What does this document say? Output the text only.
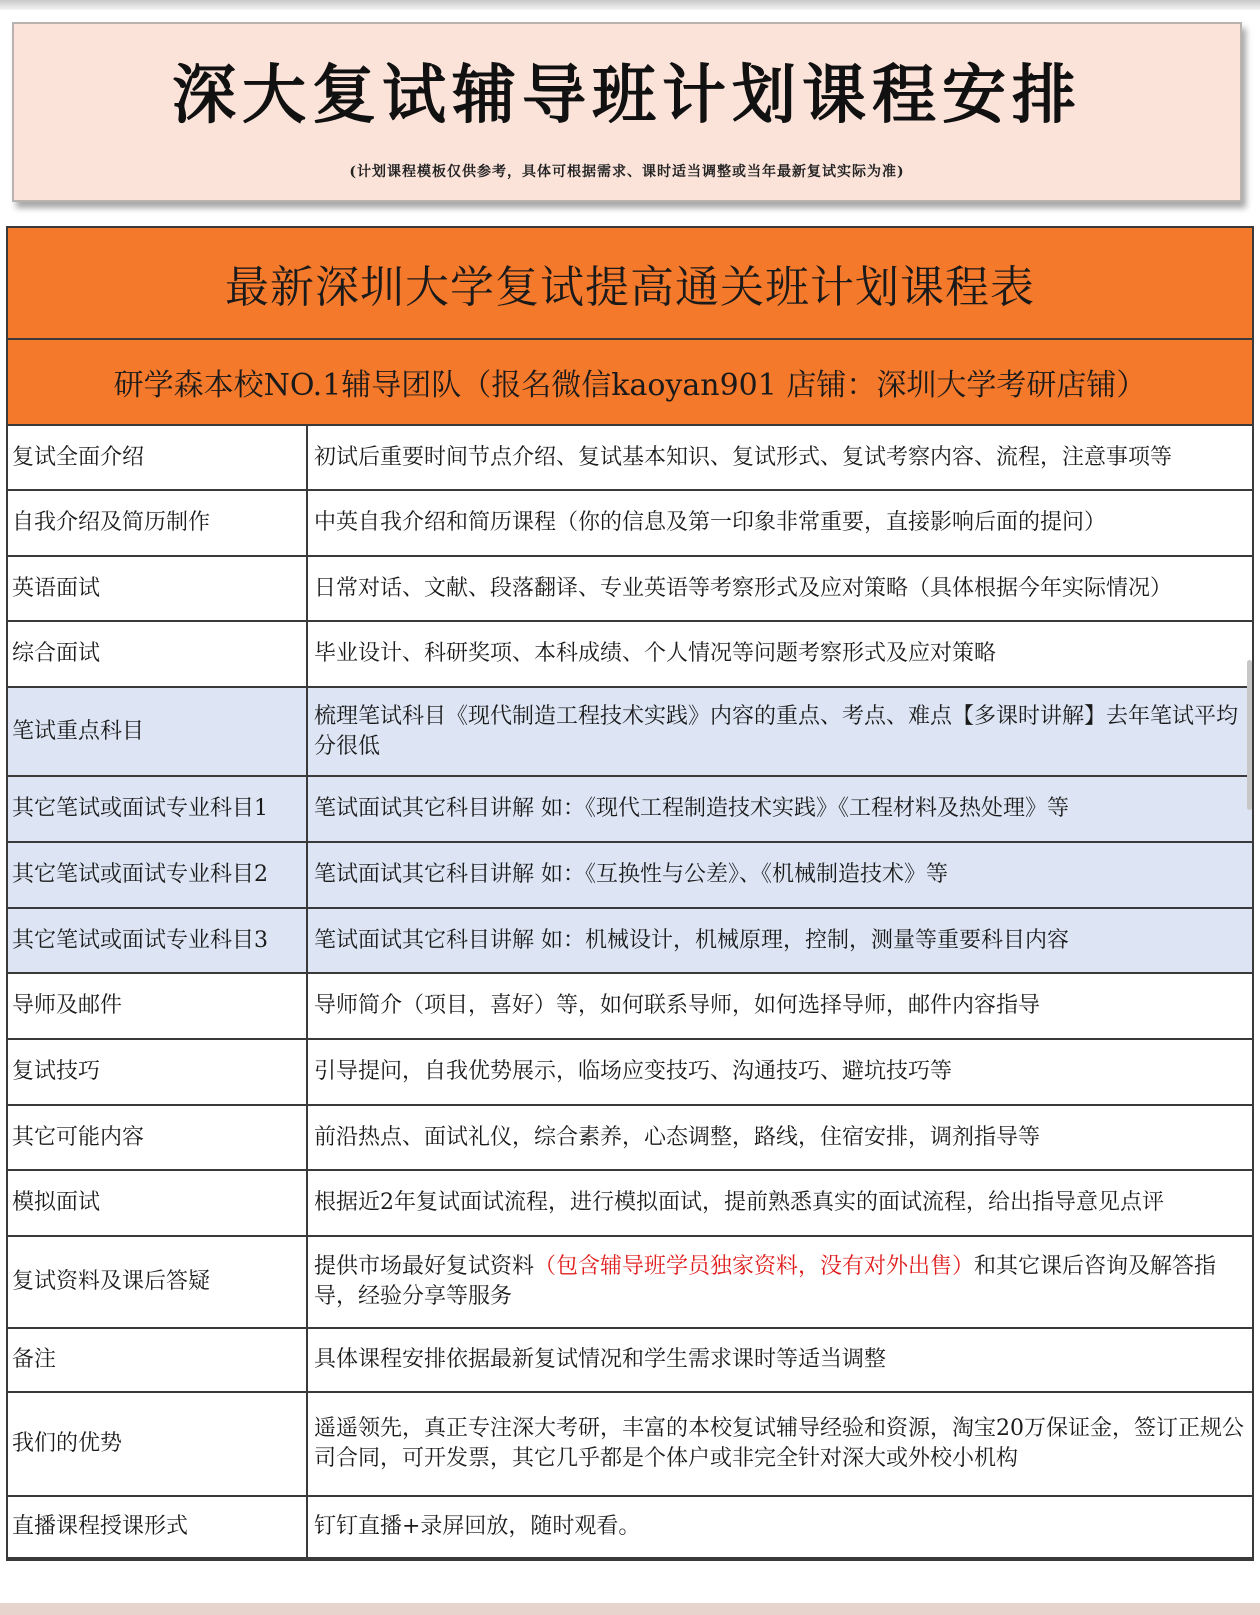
深大复试辅导班计划课程安排
(计划课程模板仅供参考，具体可根据需求、课时适当调整或当年最新复试实际为准)
最新深圳大学复试提高通关班计划课程表
研学森本校NO.1辅导团队（报名微信kaoyan901 店铺：深圳大学考研店铺）
复试全面介绍	初试后重要时间节点介绍、复试基本知识、复试形式、复试考察内容、流程，注意事项等
自我介绍及简历制作	中英自我介绍和简历课程（你的信息及第一印象非常重要，直接影响后面的提问）
英语面试	日常对话、文献、段落翻译、专业英语等考察形式及应对策略（具体根据今年实际情况）
综合面试	毕业设计、科研奖项、本科成绩、个人情况等问题考察形式及应对策略
笔试重点科目	梳理笔试科目《现代制造工程技术实践》内容的重点、考点、难点【多课时讲解】去年笔试平均分很低
其它笔试或面试专业科目1	笔试面试其它科目讲解 如：《现代工程制造技术实践》《工程材料及热处理》等
其它笔试或面试专业科目2	笔试面试其它科目讲解 如：《互换性与公差》、《机械制造技术》等
其它笔试或面试专业科目3	笔试面试其它科目讲解 如：机械设计，机械原理，控制，测量等重要科目内容
导师及邮件	导师简介（项目，喜好）等，如何联系导师，如何选择导师，邮件内容指导
复试技巧	引导提问，自我优势展示，临场应变技巧、沟通技巧、避坑技巧等
其它可能内容	前沿热点、面试礼仪，综合素养，心态调整，路线，住宿安排，调剂指导等
模拟面试	根据近2年复试面试流程，进行模拟面试，提前熟悉真实的面试流程，给出指导意见点评
复试资料及课后答疑	提供市场最好复试资料（包含辅导班学员独家资料，没有对外出售）和其它课后咨询及解答指导，经验分享等服务
备注	具体课程安排依据最新复试情况和学生需求课时等适当调整
我们的优势	遥遥领先，真正专注深大考研，丰富的本校复试辅导经验和资源，淘宝20万保证金，签订正规公司合同，可开发票，其它几乎都是个体户或非完全针对深大或外校小机构
直播课程授课形式	钉钉直播+录屏回放，随时观看。
